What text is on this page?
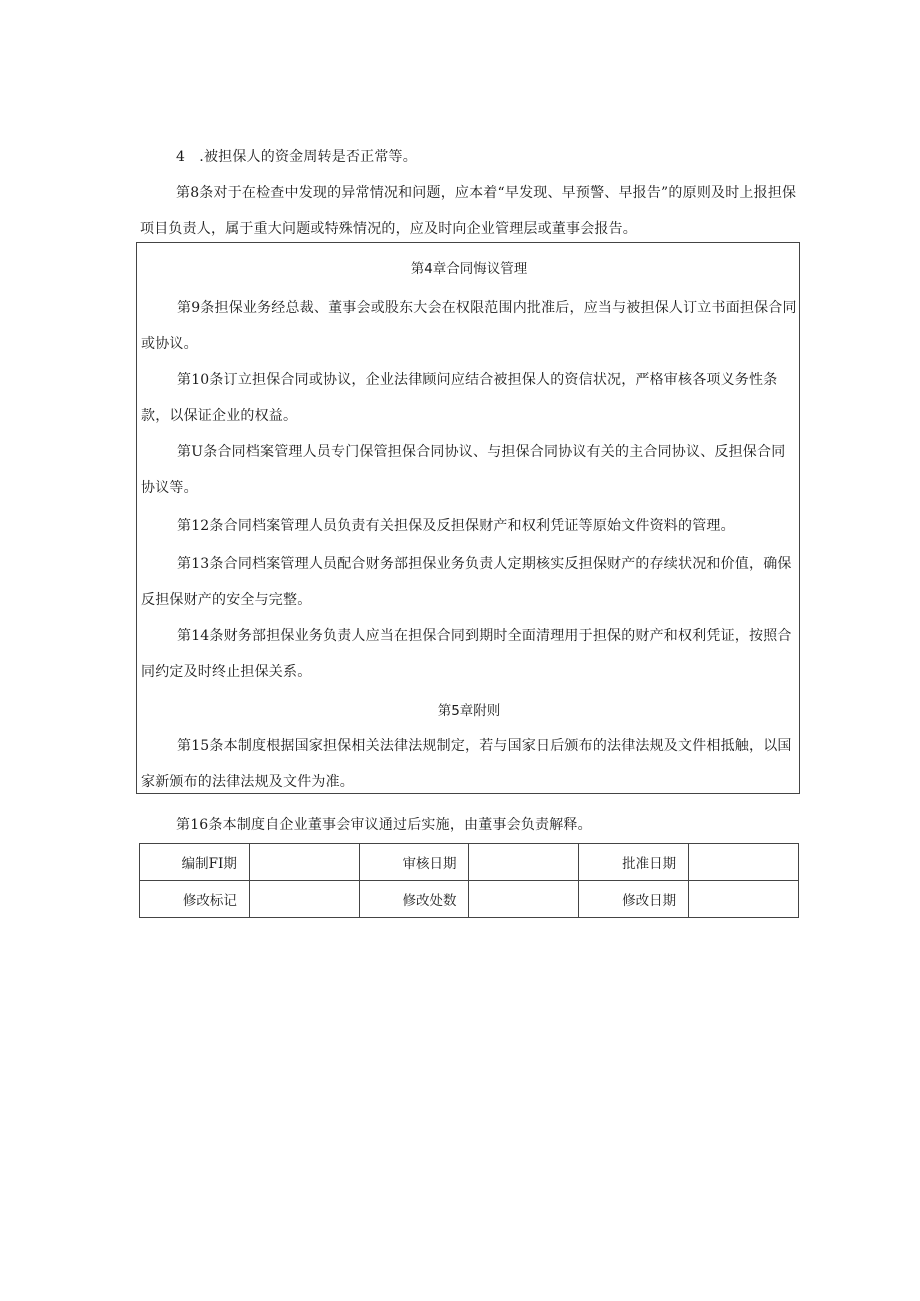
4　.被担保人的资金周转是否正常等。

第8条对于在检查中发现的异常情况和问题，应本着“早发现、早预警、早报告”的原则及时上报担保项目负责人，属于重大问题或特殊情况的，应及时向企业管理层或董事会报告。

第4章合同悔议管理

第9条担保业务经总裁、董事会或股东大会在权限范围内批准后，应当与被担保人订立书面担保合同或协议。

第10条订立担保合同或协议，企业法律顾问应结合被担保人的资信状况，严格审核各项义务性条款，以保证企业的权益。

第U条合同档案管理人员专门保管担保合同协议、与担保合同协议有关的主合同协议、反担保合同协议等。

第12条合同档案管理人员负责有关担保及反担保财产和权利凭证等原始文件资料的管理。

第13条合同档案管理人员配合财务部担保业务负责人定期核实反担保财产的存续状况和价值，确保反担保财产的安全与完整。

第14条财务部担保业务负责人应当在担保合同到期时全面清理用于担保的财产和权利凭证，按照合同约定及时终止担保关系。

第5章附则

第15条本制度根据国家担保相关法律法规制定，若与国家日后颁布的法律法规及文件相抵触，以国家新颁布的法律法规及文件为准。

第16条本制度自企业董事会审议通过后实施，由董事会负责解释。

编制FI期		审核日期		批准日期	
修改标记		修改处数		修改日期	
